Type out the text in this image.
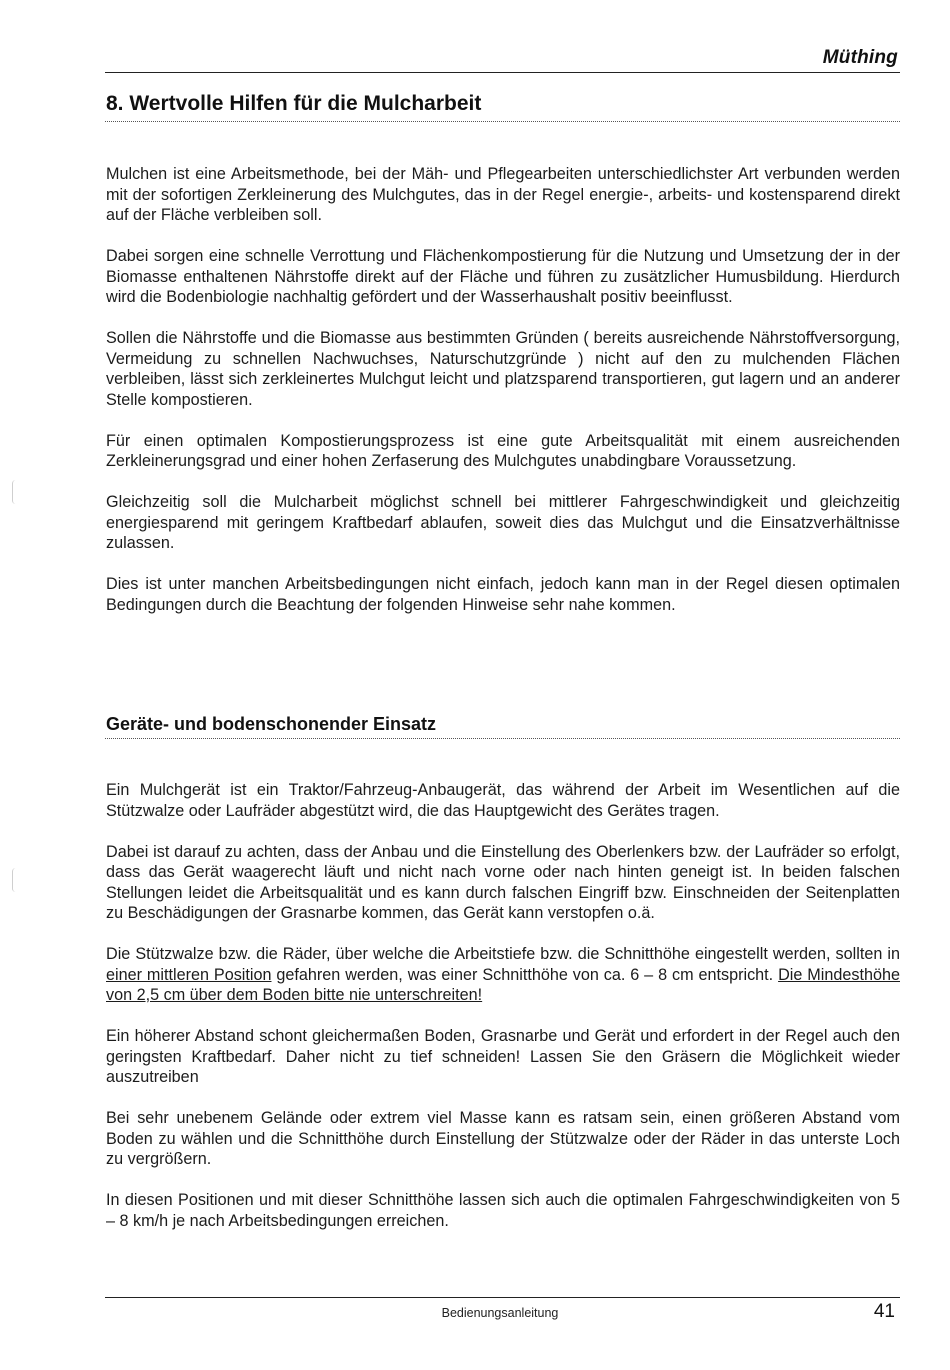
Müthing
8. Wertvolle Hilfen für die Mulcharbeit

Mulchen ist eine Arbeitsmethode, bei der Mäh- und Pflegearbeiten unterschiedlichster Art verbunden werden mit der sofortigen Zerkleinerung des Mulchgutes, das in der Regel energie-, arbeits- und kostensparend direkt auf der Fläche verbleiben soll.

Dabei sorgen eine schnelle Verrottung und Flächenkompostierung für die Nutzung und Umsetzung der in der Biomasse enthaltenen Nährstoffe direkt auf der Fläche und führen zu zusätzlicher Humusbildung. Hierdurch wird die Bodenbiologie nachhaltig gefördert und der Wasserhaushalt positiv beeinflusst.

Sollen die Nährstoffe und die Biomasse aus bestimmten Gründen ( bereits ausreichende Nährstoffversorgung, Vermeidung zu schnellen Nachwuchses, Naturschutzgründe ) nicht auf den zu mulchenden Flächen verbleiben, lässt sich zerkleinertes Mulchgut leicht und platzsparend transportieren, gut lagern und an anderer Stelle kompostieren.

Für einen optimalen Kompostierungsprozess ist eine gute Arbeitsqualität mit einem ausreichenden Zerkleinerungsgrad und einer hohen Zerfaserung des Mulchgutes unabdingbare Voraussetzung.

Gleichzeitig soll die Mulcharbeit möglichst schnell bei mittlerer Fahrgeschwindigkeit und gleichzeitig energiesparend mit geringem Kraftbedarf ablaufen, soweit dies das Mulchgut und die Einsatzverhältnisse zulassen.

Dies ist unter manchen Arbeitsbedingungen nicht einfach, jedoch kann man in der Regel diesen optimalen Bedingungen durch die Beachtung der folgenden Hinweise sehr nahe kommen.

Geräte- und bodenschonender Einsatz

Ein Mulchgerät ist ein Traktor/Fahrzeug-Anbaugerät, das während der Arbeit im Wesentlichen auf die Stützwalze oder Laufräder abgestützt wird, die das Hauptgewicht des Gerätes tragen.

Dabei ist darauf zu achten, dass der Anbau und die Einstellung des Oberlenkers bzw. der Laufräder so erfolgt, dass das Gerät waagerecht läuft und nicht nach vorne oder nach hinten geneigt ist. In beiden falschen Stellungen leidet die Arbeitsqualität und es kann durch falschen Eingriff bzw. Einschneiden der Seitenplatten zu Beschädigungen der Grasnarbe kommen, das Gerät kann verstopfen o.ä.

Die Stützwalze bzw. die Räder, über welche die Arbeitstiefe bzw. die Schnitthöhe eingestellt werden, sollten in einer mittleren Position gefahren werden, was einer Schnitthöhe von ca. 6 – 8 cm entspricht. Die Mindesthöhe von 2,5 cm über dem Boden bitte nie unterschreiten!

Ein höherer Abstand schont gleichermaßen Boden, Grasnarbe und Gerät und erfordert in der Regel auch den geringsten Kraftbedarf. Daher nicht zu tief schneiden! Lassen Sie den Gräsern die Möglichkeit wieder auszutreiben

Bei sehr unebenem Gelände oder extrem viel Masse kann es ratsam sein, einen größeren Abstand vom Boden zu wählen und die Schnitthöhe durch Einstellung der Stützwalze oder der Räder in das unterste Loch zu vergrößern.

In diesen Positionen und mit dieser Schnitthöhe lassen sich auch die optimalen Fahrgeschwindigkeiten von 5 – 8 km/h je nach Arbeitsbedingungen erreichen.

Bedienungsanleitung	41
